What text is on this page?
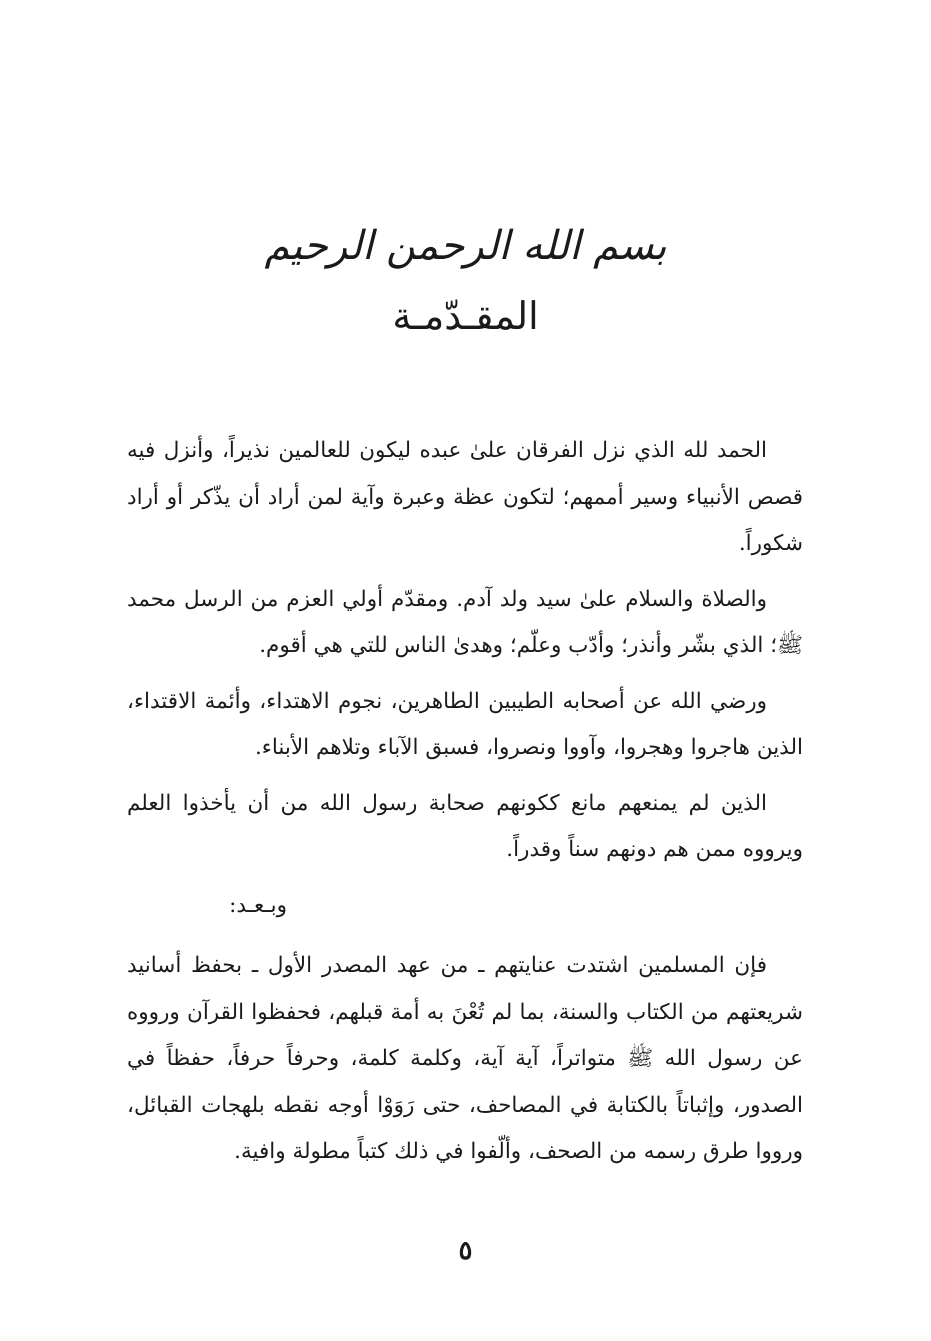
بسم الله الرحمن الرحيم
المقـدّمـة

الحمد لله الذي نزل الفرقان علىٰ عبده ليكون للعالمين نذيراً، وأنزل فيه قصص الأنبياء وسير أممهم؛ لتكون عظة وعبرة وآية لمن أراد أن يذّكر أو أراد شكوراً.

والصلاة والسلام علىٰ سيد ولد آدم. ومقدّم أولي العزم من الرسل محمد ﷺ؛ الذي بشّر وأنذر؛ وأدّب وعلّم؛ وهدىٰ الناس للتي هي أقوم.

ورضي الله عن أصحابه الطيبين الطاهرين، نجوم الاهتداء، وأئمة الاقتداء، الذين هاجروا وهجروا، وآووا ونصروا، فسبق الآباء وتلاهم الأبناء.

الذين لم يمنعهم مانع ككونهم صحابة رسول الله من أن يأخذوا العلم ويرووه ممن هم دونهم سناً وقدراً.

وبـعـد:

فإن المسلمين اشتدت عنايتهم ـ من عهد المصدر الأول ـ بحفظ أسانيد شريعتهم من الكتاب والسنة، بما لم تُعْنَ به أمة قبلهم، فحفظوا القرآن ورووه عن رسول الله ﷺ متواتراً، آية آية، وكلمة كلمة، وحرفاً حرفاً، حفظاً في الصدور، وإثباتاً بالكتابة في المصاحف، حتى رَوَوْا أوجه نقطه بلهجات القبائل، ورووا طرق رسمه من الصحف، وألّفوا في ذلك كتباً مطولة وافية.

٥
